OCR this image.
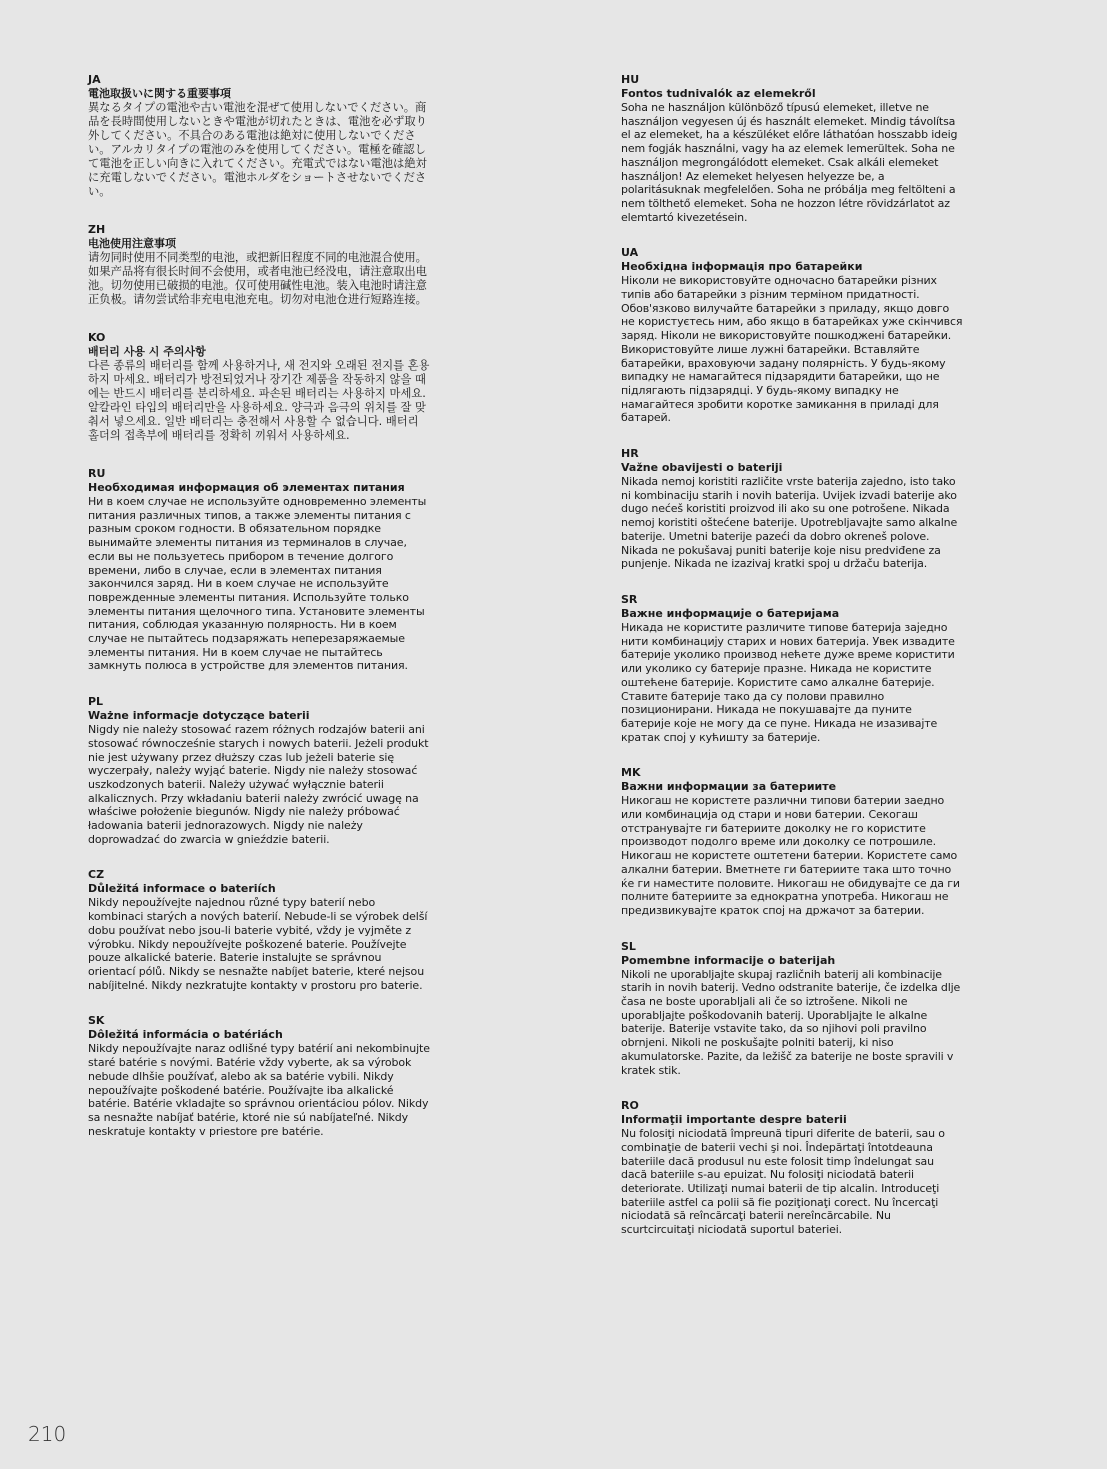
JA
電池取扱いに関する重要事項
異なるタイプの電池や古い電池を混ぜて使用しないでください。商品を長時間使用しないときや電池が切れたときは、電池を必ず取り外してください。不具合のある電池は絶対に使用しないでください。アルカリタイプの電池のみを使用してください。電極を確認して電池を正しい向きに入れてください。充電式ではない電池は絶対に充電しないでください。電池ホルダをショートさせないでください。
ZH
电池使用注意事项
请勿同时使用不同类型的电池，或把新旧程度不同的电池混合使用。如果产品将有很长时间不会使用，或者电池已经没电，请注意取出电池。切勿使用已破损的电池。仅可使用碱性电池。装入电池时请注意正负极。请勿尝试给非充电电池充电。切勿对电池仓进行短路连接。
KO
배터리 사용 시 주의사항
다른 종류의 배터리를 함께 사용하거나, 새 전지와 오래된 전지를 혼용하지 마세요. 배터리가 방전되었거나 장기간 제품을 작동하지 않을 때에는 반드시 배터리를 분리하세요. 파손된 배터리는 사용하지 마세요. 알칼라인 타입의 배터리만을 사용하세요. 양극과 음극의 위치를 잘 맞춰서 넣으세요. 일반 배터리는 충전해서 사용할 수 없습니다. 배터리 홀더의 접촉부에 배터리를 정확히 끼워서 사용하세요.
RU
Необходимая информация об элементах питания
Ни в коем случае не используйте одновременно элементы питания различных типов, а также элементы питания с разным сроком годности. В обязательном порядке вынимайте элементы питания из терминалов в случае, если вы не пользуетесь прибором в течение долгого времени, либо в случае, если в элементах питания закончился заряд. Ни в коем случае не используйте поврежденные элементы питания. Используйте только элементы питания щелочного типа. Установите элементы питания, соблюдая указанную полярность. Ни в коем случае не пытайтесь подзаряжать неперезаряжаемые элементы питания. Ни в коем случае не пытайтесь замкнуть полюса в устройстве для элементов питания.
PL
Ważne informacje dotyczące baterii
Nigdy nie należy stosować razem różnych rodzajów baterii ani stosować równocześnie starych i nowych baterii. Jeżeli produkt nie jest używany przez dłuższy czas lub jeżeli baterie się wyczerpały, należy wyjąć baterie. Nigdy nie należy stosować uszkodzonych baterii. Należy używać wyłącznie baterii alkalicznych. Przy wkładaniu baterii należy zwrócić uwagę na właściwe położenie biegunów. Nigdy nie należy próbować ładowania baterii jednorazowych. Nigdy nie należy doprowadzać do zwarcia w gnieździe baterii.
CZ
Důležitá informace o bateriích
Nikdy nepoužívejte najednou různé typy baterií nebo kombinaci starých a nových baterií. Nebude-li se výrobek delší dobu používat nebo jsou-li baterie vybité, vždy je vyjměte z výrobku. Nikdy nepoužívejte poškozené baterie. Používejte pouze alkalické baterie. Baterie instalujte se správnou orientací pólů. Nikdy se nesnažte nabíjet baterie, které nejsou nabíjitelné. Nikdy nezkratujte kontakty v prostoru pro baterie.
SK
Dôležitá informácia o batériách
Nikdy nepoužívajte naraz odlišné typy batérií ani nekombinujte staré batérie s novými. Batérie vždy vyberte, ak sa výrobok nebude dlhšie používať, alebo ak sa batérie vybili. Nikdy nepoužívajte poškodené batérie. Používajte iba alkalické batérie. Batérie vkladajte so správnou orientáciou pólov. Nikdy sa nesnažte nabíjať batérie, ktoré nie sú nabíjateľné. Nikdy neskratuje kontakty v priestore pre batérie.
HU
Fontos tudnivalók az elemekről
Soha ne használjon különböző típusú elemeket, illetve ne használjon vegyesen új és használt elemeket. Mindig távolítsa el az elemeket, ha a készüléket előre láthatóan hosszabb ideig nem fogják használni, vagy ha az elemek lemerültek. Soha ne használjon megrongálódott elemeket. Csak alkáli elemeket használjon! Az elemeket helyesen helyezze be, a polaritásuknak megfelelően. Soha ne próbálja meg feltölteni a nem tölthető elemeket. Soha ne hozzon létre rövidzárlatot az elemtartó kivezetésein.
UA
Необхідна інформація про батарейки
Ніколи не використовуйте одночасно батарейки різних типів або батарейки з різним терміном придатності. Обов'язково вилучайте батарейки з приладу, якщо довго не користуєтесь ним, або якщо в батарейках уже скінчився заряд. Ніколи не використовуйте пошкоджені батарейки. Використовуйте лише лужні батарейки. Вставляйте батарейки, враховуючи задану полярність. У будь-якому випадку не намагайтеся підзарядити батарейки, що не підлягають підзарядці. У будь-якому випадку не намагайтеся зробити коротке замикання в приладі для батарей.
HR
Važne obavijesti o bateriji
Nikada nemoj koristiti različite vrste baterija zajedno, isto tako ni kombinaciju starih i novih baterija. Uvijek izvadi baterije ako dugo nećeš koristiti proizvod ili ako su one potrošene. Nikada nemoj koristiti oštećene baterije. Upotrebljavajte samo alkalne baterije. Umetni baterije pazeći da dobro okreneš polove. Nikada ne pokušavaj puniti baterije koje nisu predviđene za punjenje. Nikada ne izazivaj kratki spoj u držaču baterija.
SR
Важне информације о батеријама
Никада не користите различите типове батерија заједно нити комбинацију старих и нових батерија. Увек извадите батерије уколико производ нећете дуже време користити или уколико су батерије празне. Никада не користите оштећене батерије. Користите само алкалне батерије. Ставите батерије тако да су полови правилно позиционирани. Никада не покушавајте да пуните батерије које не могу да се пуне. Никада не изазивајте кратак спој у кућишту за батерије.
MK
Важни информации за батериите
Никогаш не користете различни типови батерии заедно или комбинација од стари и нови батерии. Секогаш отстранувајте ги батериите доколку не го користите производот подолго време или доколку се потрошиле. Никогаш не користете оштетени батерии. Користете само алкални батерии. Вметнете ги батериите така што точно ќе ги наместите половите. Никогаш не обидувајте се да ги полните батериите за еднократна употреба. Никогаш не предизвикувајте краток спој на држачот за батерии.
SL
Pomembne informacije o baterijah
Nikoli ne uporabljajte skupaj različnih baterij ali kombinacije starih in novih baterij. Vedno odstranite baterije, če izdelka dlje časa ne boste uporabljali ali če so iztrošene. Nikoli ne uporabljajte poškodovanih baterij. Uporabljajte le alkalne baterije. Baterije vstavite tako, da so njihovi poli pravilno obrnjeni. Nikoli ne poskušajte polniti baterij, ki niso akumulatorske. Pazite, da ležišč za baterije ne boste spravili v kratek stik.
RO
Informaţii importante despre baterii
Nu folosiţi niciodată împreună tipuri diferite de baterii, sau o combinaţie de baterii vechi şi noi. Îndepărtaţi întotdeauna bateriile dacă produsul nu este folosit timp îndelungat sau dacă bateriile s-au epuizat. Nu folosiţi niciodată baterii deteriorate. Utilizaţi numai baterii de tip alcalin. Introduceţi bateriile astfel ca polii să fie poziţionaţi corect. Nu încercaţi niciodată să reîncărcaţi baterii nereîncărcabile. Nu scurtcircuitaţi niciodată suportul bateriei.
210
